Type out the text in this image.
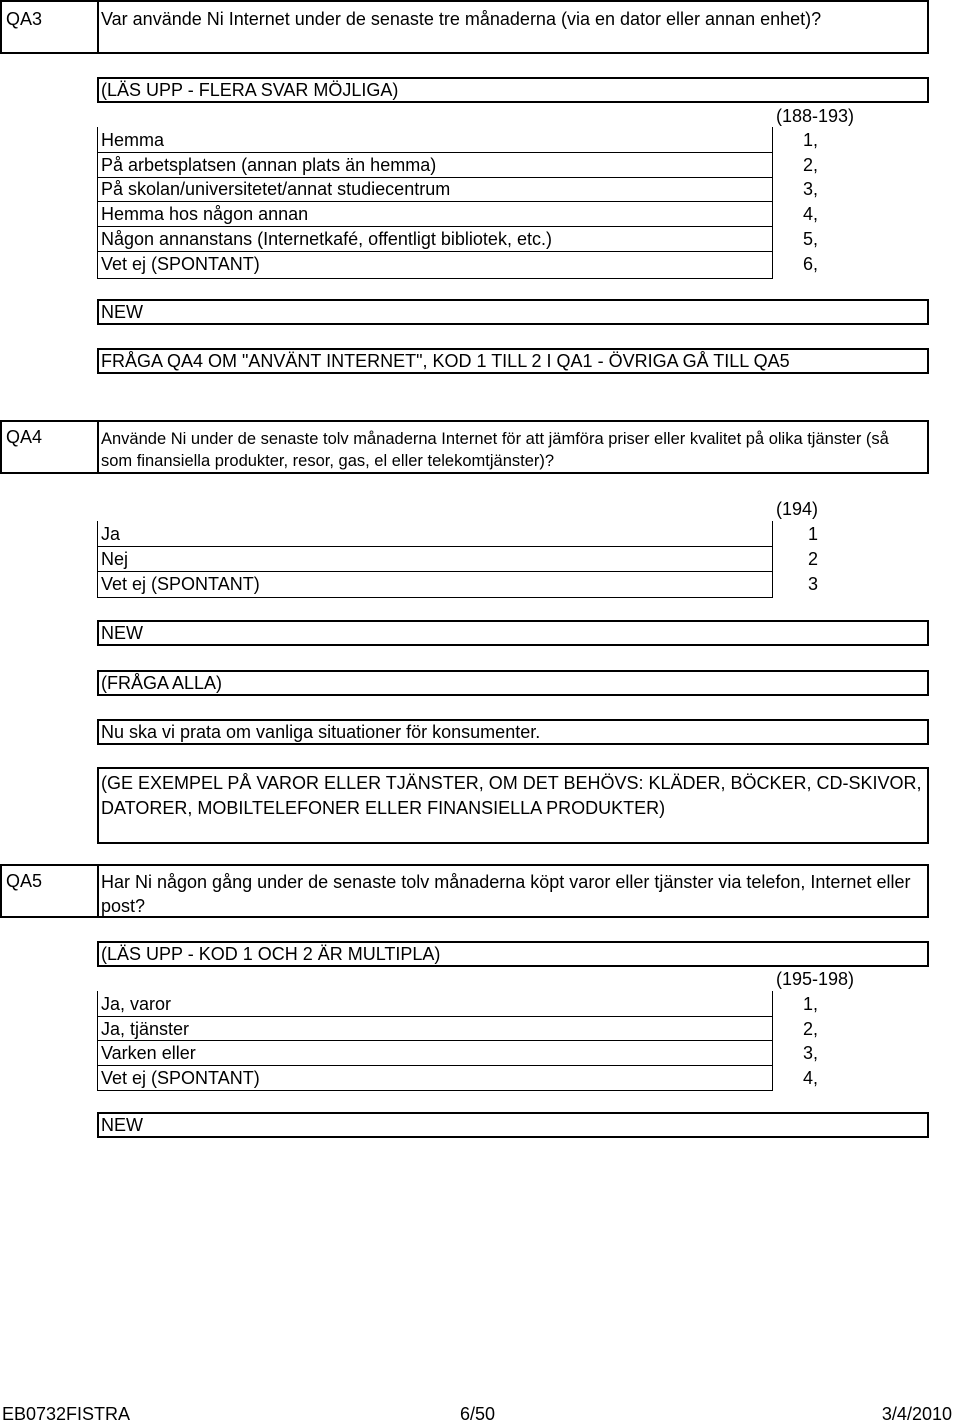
QA3	Var använde Ni Internet under de senaste tre månaderna (via en dator eller annan enhet)?
(LÄS UPP - FLERA SVAR MÖJLIGA)
(188-193)
Hemma	1,
På arbetsplatsen (annan plats än hemma)	2,
På skolan/universitetet/annat studiecentrum	3,
Hemma hos någon annan	4,
Någon annanstans (Internetkafé, offentligt bibliotek, etc.)	5,
Vet ej (SPONTANT)	6,
NEW
FRÅGA QA4 OM "ANVÄNT INTERNET", KOD 1 TILL 2 I QA1 - ÖVRIGA GÅ TILL QA5
QA4	Använde Ni under de senaste tolv månaderna Internet för att jämföra priser eller kvalitet på olika tjänster (så som finansiella produkter, resor, gas, el eller telekomtjänster)?
(194)
Ja	1
Nej	2
Vet ej (SPONTANT)	3
NEW
(FRÅGA ALLA)
Nu ska vi prata om vanliga situationer för konsumenter.
(GE EXEMPEL PÅ VAROR ELLER TJÄNSTER, OM DET BEHÖVS: KLÄDER, BÖCKER, CD-SKIVOR, DATORER, MOBILTELEFONER ELLER FINANSIELLA PRODUKTER)
QA5	Har Ni någon gång under de senaste tolv månaderna köpt varor eller tjänster via telefon, Internet eller post?
(LÄS UPP - KOD 1 OCH 2 ÄR MULTIPLA)
(195-198)
Ja, varor	1,
Ja, tjänster	2,
Varken eller	3,
Vet ej (SPONTANT)	4,
NEW
EB0732FISTRA	6/50	3/4/2010
